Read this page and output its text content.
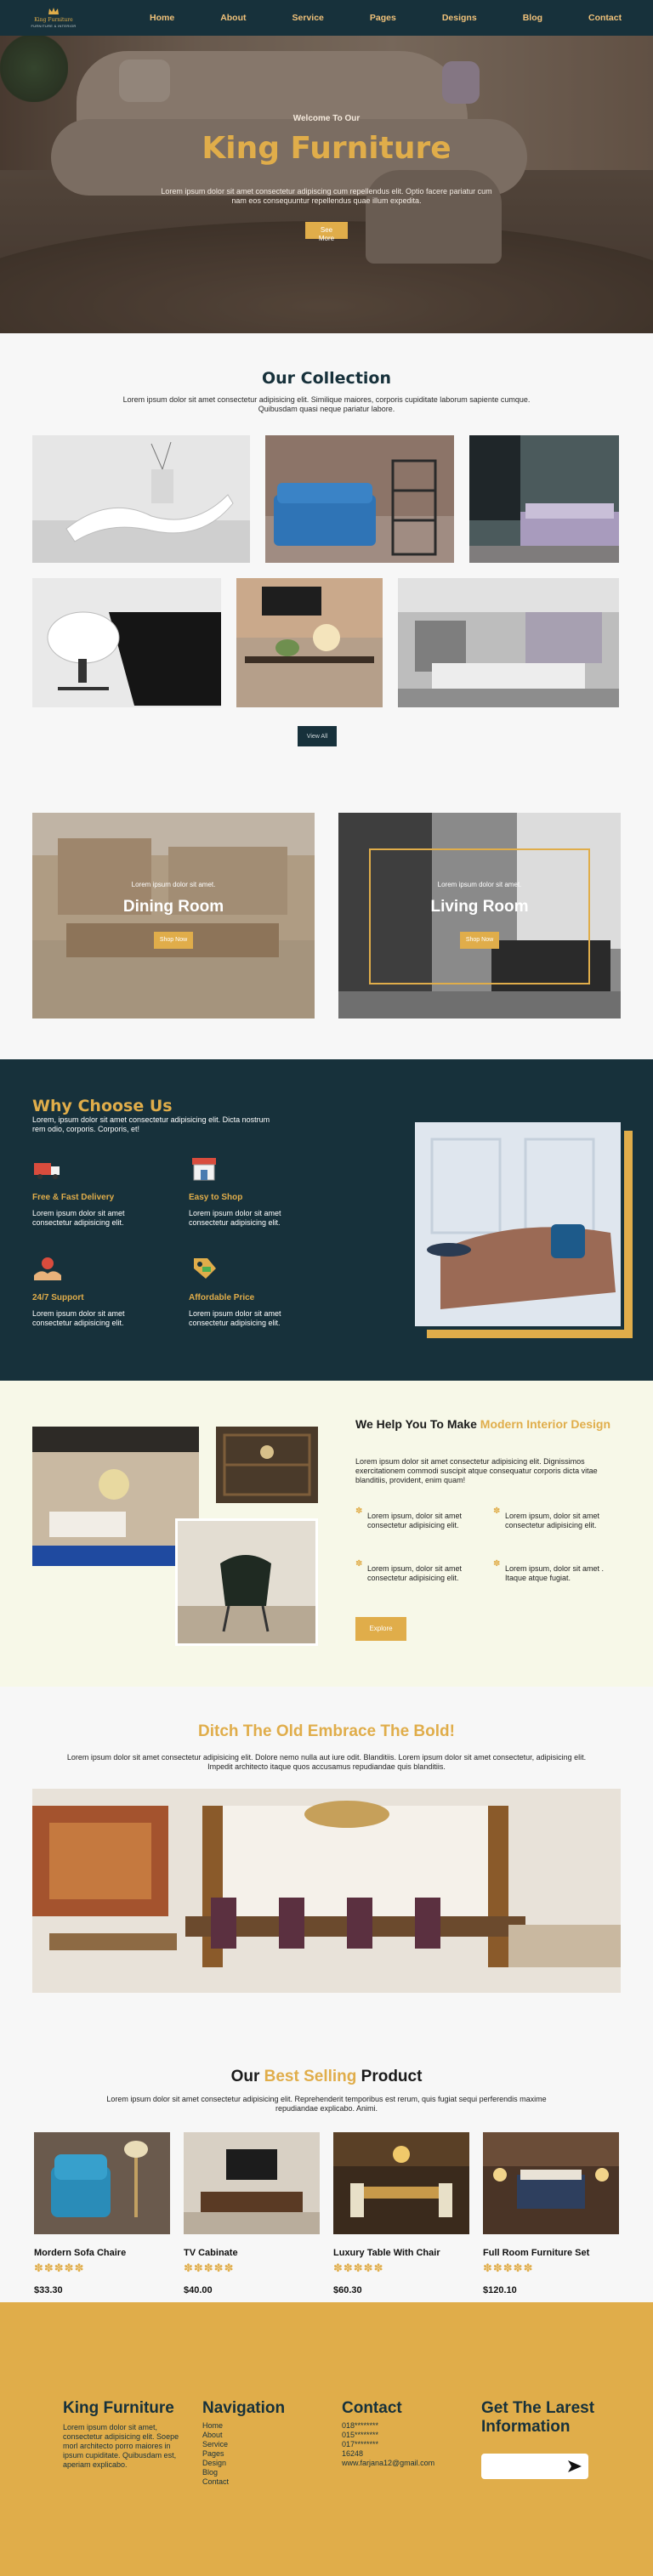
Welcome To Our
King Furniture
Lorem ipsum dolor sit amet consectetur adipiscing cum repellendus elit. Optio facere pariatur cum nam eos consequuntur repellendus quae illum expedita.
See More
King Furniture
FURNITURE & INTERIOR
Home	About	Service	Pages	Designs	Blog	Contact
Our Collection

Lorem ipsum dolor sit amet consectetur adipisicing elit. Similique maiores, corporis cupiditate laborum sapiente cumque. Quibusdam quasi neque pariatur labore.

View All
Lorem ipsum dolor sit amet.
Dining Room
Shop Now
Lorem ipsum dolor sit amet.
Living Room
Shop Now
Why Choose Us

Lorem, ipsum dolor sit amet consectetur adipisicing elit. Dicta nostrum rem odio, corporis. Corporis, et!

Free & Fast Delivery
Lorem ipsum dolor sit amet consectetur adipisicing elit.
Easy to Shop
Lorem ipsum dolor sit amet consectetur adipisicing elit.
24/7 Support
Lorem ipsum dolor sit amet consectetur adipisicing elit.
Affordable Price
Lorem ipsum dolor sit amet consectetur adipisicing elit.
We Help You To Make Modern Interior Design

Lorem ipsum dolor sit amet consectetur adipisicing elit. Dignissimos exercitationem commodi suscipit atque consequatur corporis dicta vitae blanditiis, provident, enim quam!

✽ Lorem ipsum, dolor sit amet consectetur adipisicing elit.
✽ Lorem ipsum, dolor sit amet consectetur adipisicing elit.
✽ Lorem ipsum, dolor sit amet consectetur adipisicing elit.
✽ Lorem ipsum, dolor sit amet . Itaque atque fugiat.
Explore
Ditch The Old Embrace The Bold!

Lorem ipsum dolor sit amet consectetur adipisicing elit. Dolore nemo nulla aut iure odit. Blanditiis. Lorem ipsum dolor sit amet consectetur, adipisicing elit. Impedit architecto itaque quos accusamus repudiandae quis blanditiis.

Our Best Selling Product

Lorem ipsum dolor sit amet consectetur adipisicing elit. Reprehenderit temporibus est rerum, quis fugiat sequi perferendis maxime repudiandae explicabo. Animi.

Mordern Sofa Chaire
✽✽✽✽✽
$33.30
TV Cabinate
✽✽✽✽✽
$40.00
Luxury Table With Chair
✽✽✽✽✽
$60.30
Full Room Furniture Set
✽✽✽✽✽
$120.10
King Furniture

Lorem ipsum dolor sit amet, consectetur adipisicing elit. Soepe morl architecto porro maiores in ipsum cupiditate. Quibusdam est, aperiam explicabo.

Navigation
Home
About
Service
Pages
Design
Blog
Contact
Contact
018********
015********
017********
16248
www.farjana12@gmail.com
Get The Larest Information
